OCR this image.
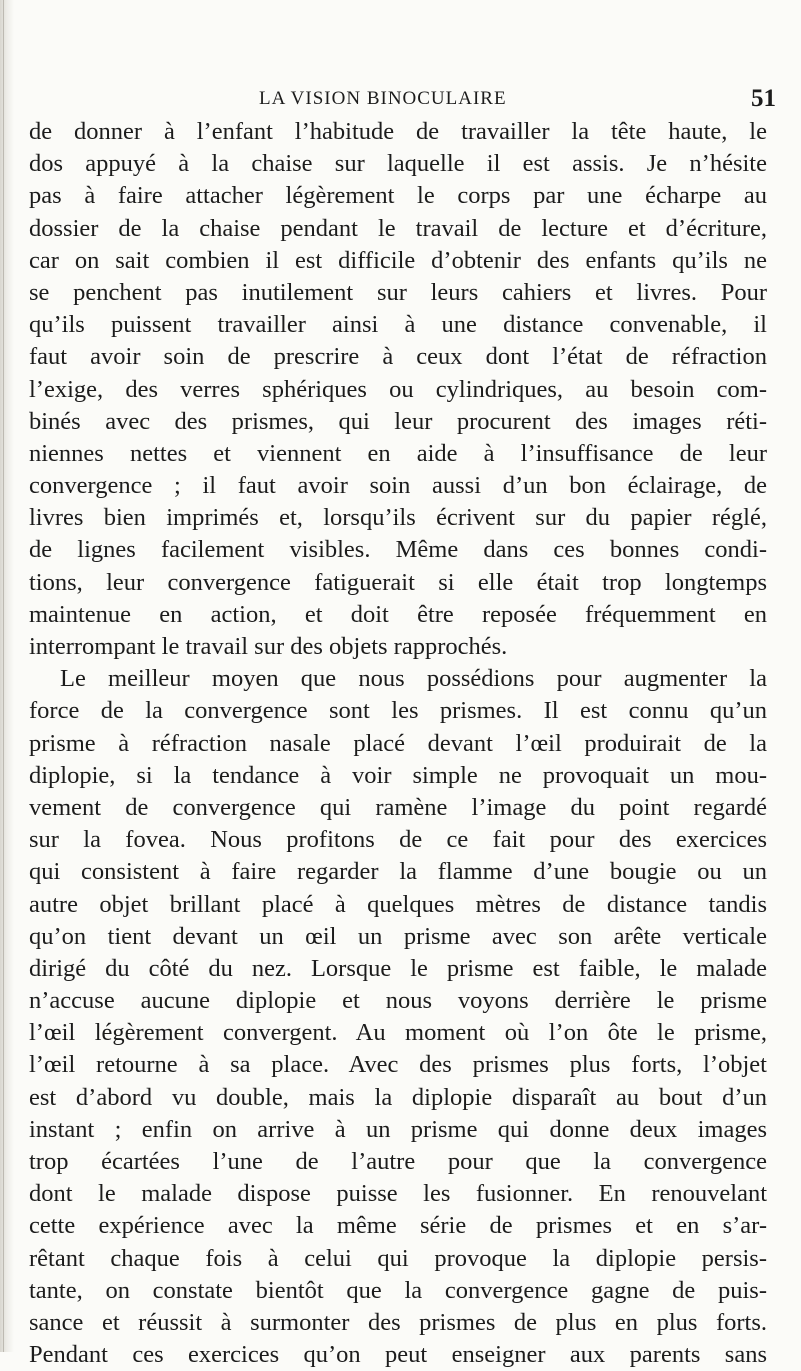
LA VISION BINOCULAIRE	51
de donner à l’enfant l’habitude de travailler la tête haute, le
dos appuyé à la chaise sur laquelle il est assis. Je n’hésite
pas à faire attacher légèrement le corps par une écharpe au
dossier de la chaise pendant le travail de lecture et d’écriture,
car on sait combien il est difficile d’obtenir des enfants qu’ils ne
se penchent pas inutilement sur leurs cahiers et livres. Pour
qu’ils puissent travailler ainsi à une distance convenable, il
faut avoir soin de prescrire à ceux dont l’état de réfraction
l’exige, des verres sphériques ou cylindriques, au besoin com-
binés avec des prismes, qui leur procurent des images réti-
niennes nettes et viennent en aide à l’insuffisance de leur
convergence ; il faut avoir soin aussi d’un bon éclairage, de
livres bien imprimés et, lorsqu’ils écrivent sur du papier réglé,
de lignes facilement visibles. Même dans ces bonnes condi-
tions, leur convergence fatiguerait si elle était trop longtemps
maintenue en action, et doit être reposée fréquemment en
interrompant le travail sur des objets rapprochés.
Le meilleur moyen que nous possédions pour augmenter la
force de la convergence sont les prismes. Il est connu qu’un
prisme à réfraction nasale placé devant l’œil produirait de la
diplopie, si la tendance à voir simple ne provoquait un mou-
vement de convergence qui ramène l’image du point regardé
sur la fovea. Nous profitons de ce fait pour des exercices
qui consistent à faire regarder la flamme d’une bougie ou un
autre objet brillant placé à quelques mètres de distance tandis
qu’on tient devant un œil un prisme avec son arête verticale
dirigé du côté du nez. Lorsque le prisme est faible, le malade
n’accuse aucune diplopie et nous voyons derrière le prisme
l’œil légèrement convergent. Au moment où l’on ôte le prisme,
l’œil retourne à sa place. Avec des prismes plus forts, l’objet
est d’abord vu double, mais la diplopie disparaît au bout d’un
instant ; enfin on arrive à un prisme qui donne deux images
trop écartées l’une de l’autre pour que la convergence
dont le malade dispose puisse les fusionner. En renouvelant
cette expérience avec la même série de prismes et en s’ar-
rêtant chaque fois à celui qui provoque la diplopie persis-
tante, on constate bientôt que la convergence gagne de puis-
sance et réussit à surmonter des prismes de plus en plus forts.
Pendant ces exercices qu’on peut enseigner aux parents sans
